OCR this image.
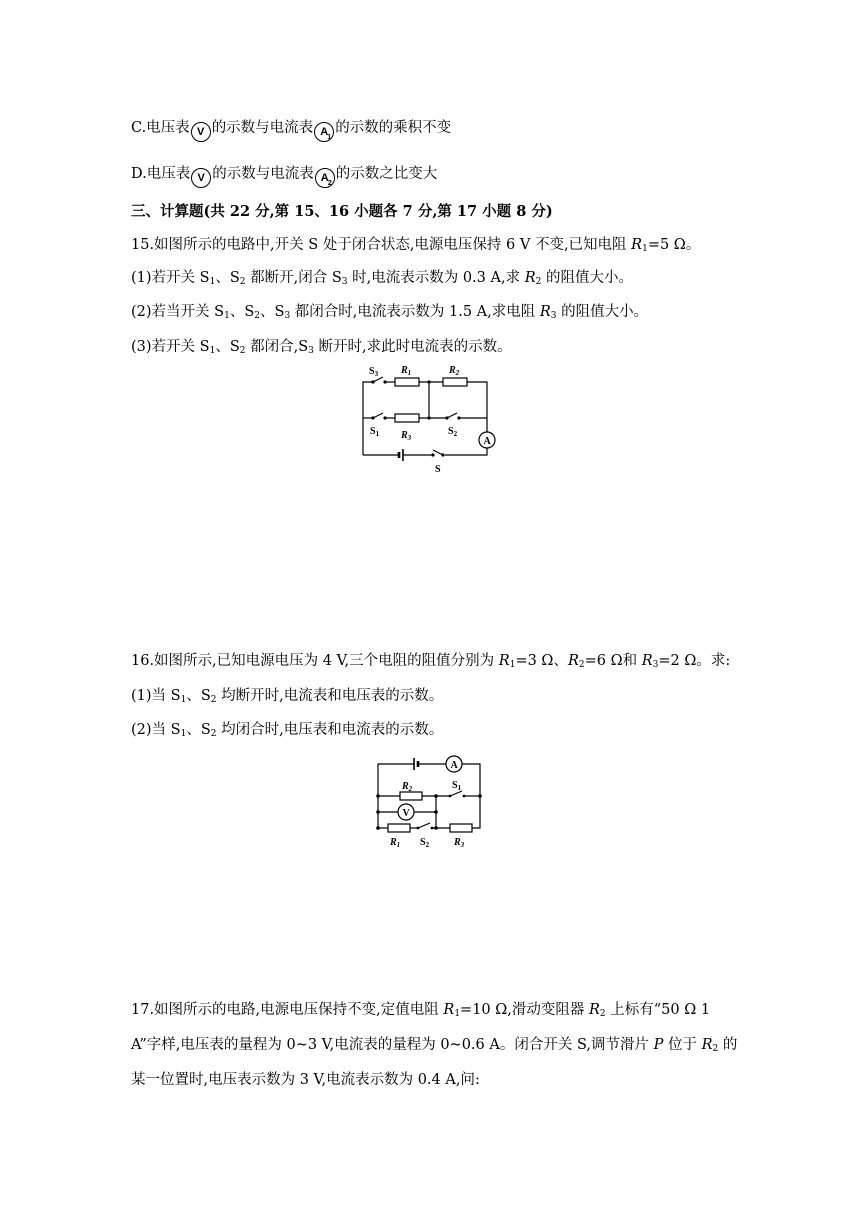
C.电压表 V 的示数与电流表 A 1
的示数的乘积不变
D.电压表 V 的示数与电流表 A 2
的示数之比变大
三、计算题(共 22 分,第 15、16 小题各 7 分,第 17 小题 8 分)
15.如图所示的电路中,开关 S 处于闭合状态,电源电压保持 6 V 不变,已知电阻 $R_1=5$ Ω。
(1)若开关 $S_1$、$S_2$ 都断开,闭合 $S_3$ 时,电流表示数为 0.3 A,求 $R_2$ 的阻值大小。
(2)若当开关 $S_1$、$S_2$、$S_3$ 都闭合时,电流表示数为 1.5 A,求电阻 $R_3$ 的阻值大小。
(3)若开关 $S_1$、$S_2$ 都闭合$,S_3$ 断开时,求此时电流表的示数。
$S_3$ $R_1$	$R_2$
$S_1$ $R_3$
$S_2$
A
S
16.如图所示,已知电源电压为 4 V,三个电阻的阻值分别为 $R_1=3$ Ω、$R_2=6$ Ω和 $R_3=2$ Ω。求:
(1)当 $S_1$、$S_2$ 均断开时,电流表和电压表的示数。
(2)当 $S_1$、$S_2$ 均闭合时,电压表和电流表的示数。
A
$R_2$	$S_1$
V
$R_1$ $S_2$ $R_3$
17.如图所示的电路,电源电压保持不变,定值电阻 $R_1=10$ Ω,滑动变阻器 $R_2$ 上标有“50 Ω 1
A”字样,电压表的量程为 0~3 V,电流表的量程为 0~0.6 A。闭合开关 S,调节滑片 P 位于 $R_2$ 的
某一位置时,电压表示数为 3 V,电流表示数为 0.4 A,问:
